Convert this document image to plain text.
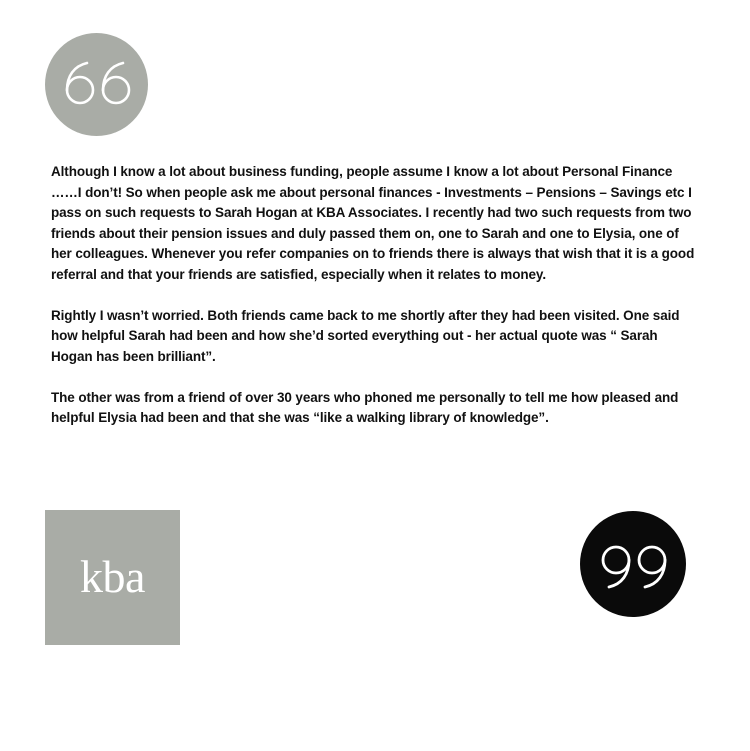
Although I know a lot about business funding, people assume I know a lot about Personal Finance ……I don’t! So when people ask me about personal finances - Investments – Pensions – Savings etc I pass on such requests to Sarah Hogan at KBA Associates. I recently had two such requests from two friends about their pension issues and duly passed them on, one to Sarah and one to Elysia, one of her colleagues. Whenever you refer companies on to friends there is always that wish that it is a good referral and that your friends are satisfied, especially when it relates to money.

Rightly I wasn’t worried. Both friends came back to me shortly after they had been visited. One said how helpful Sarah had been and how she’d sorted everything out - her actual quote was “ Sarah Hogan has been brilliant”.

The other was from a friend of over 30 years who phoned me personally to tell me how pleased and helpful Elysia had been and that she was “like a walking library of knowledge”.

kba
